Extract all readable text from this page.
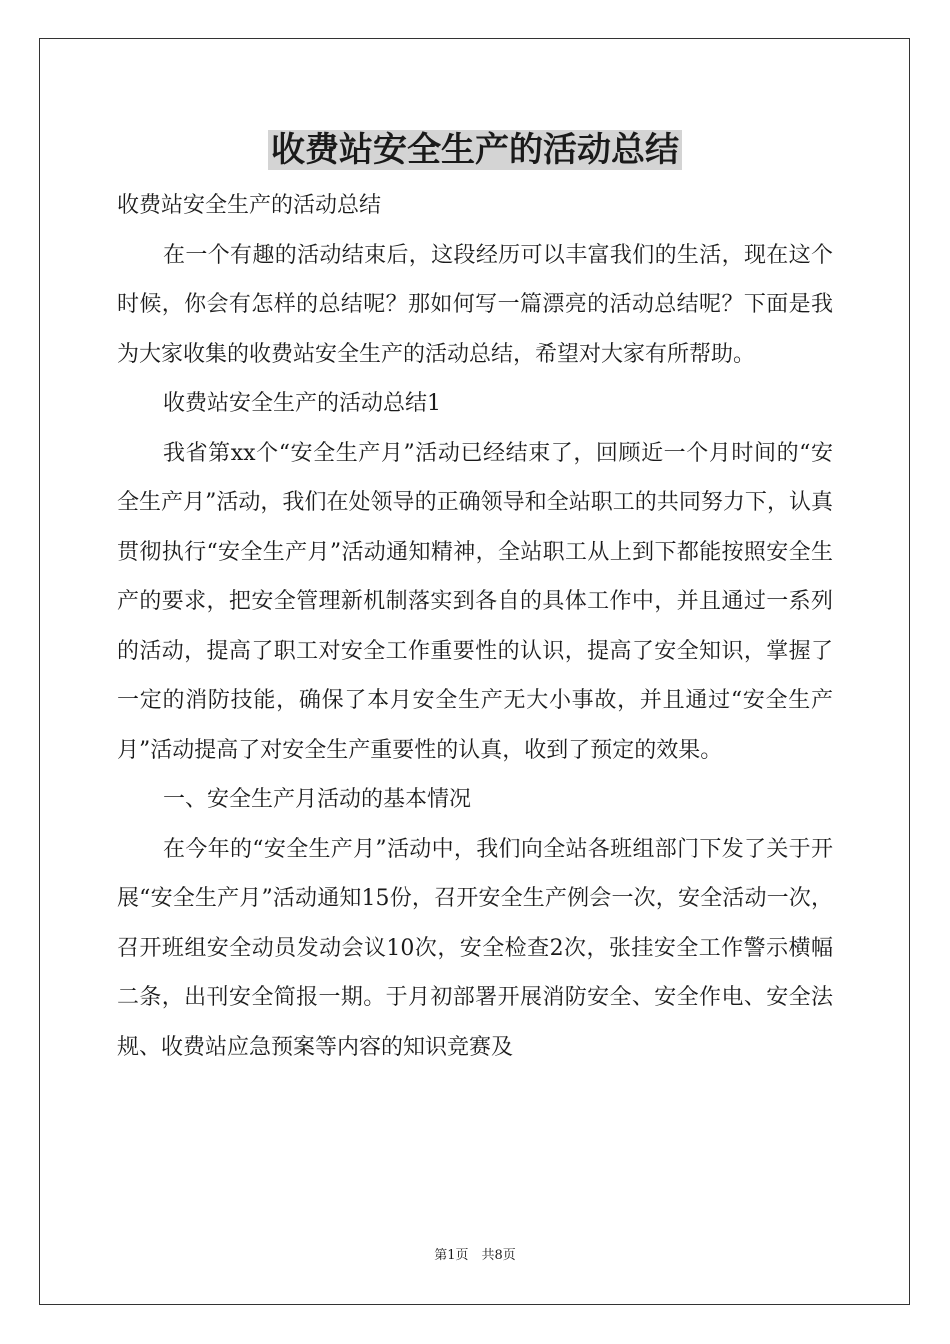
收费站安全生产的活动总结

收费站安全生产的活动总结

在一个有趣的活动结束后，这段经历可以丰富我们的生活，现在这个时候，你会有怎样的总结呢？那如何写一篇漂亮的活动总结呢？下面是我为大家收集的收费站安全生产的活动总结，希望对大家有所帮助。

收费站安全生产的活动总结1

我省第xx个“安全生产月”活动已经结束了，回顾近一个月时间的“安全生产月”活动，我们在处领导的正确领导和全站职工的共同努力下，认真贯彻执行“安全生产月”活动通知精神，全站职工从上到下都能按照安全生产的要求，把安全管理新机制落实到各自的具体工作中，并且通过一系列的活动，提高了职工对安全工作重要性的认识，提高了安全知识，掌握了一定的消防技能，确保了本月安全生产无大小事故，并且通过“安全生产月”活动提高了对安全生产重要性的认真，收到了预定的效果。

一、安全生产月活动的基本情况

在今年的“安全生产月”活动中，我们向全站各班组部门下发了关于开展“安全生产月”活动通知15份，召开安全生产例会一次，安全活动一次，召开班组安全动员发动会议10次，安全检查2次，张挂安全工作警示横幅二条，出刊安全简报一期。于月初部署开展消防安全、安全作电、安全法规、收费站应急预案等内容的知识竞赛及

第1页　共8页
